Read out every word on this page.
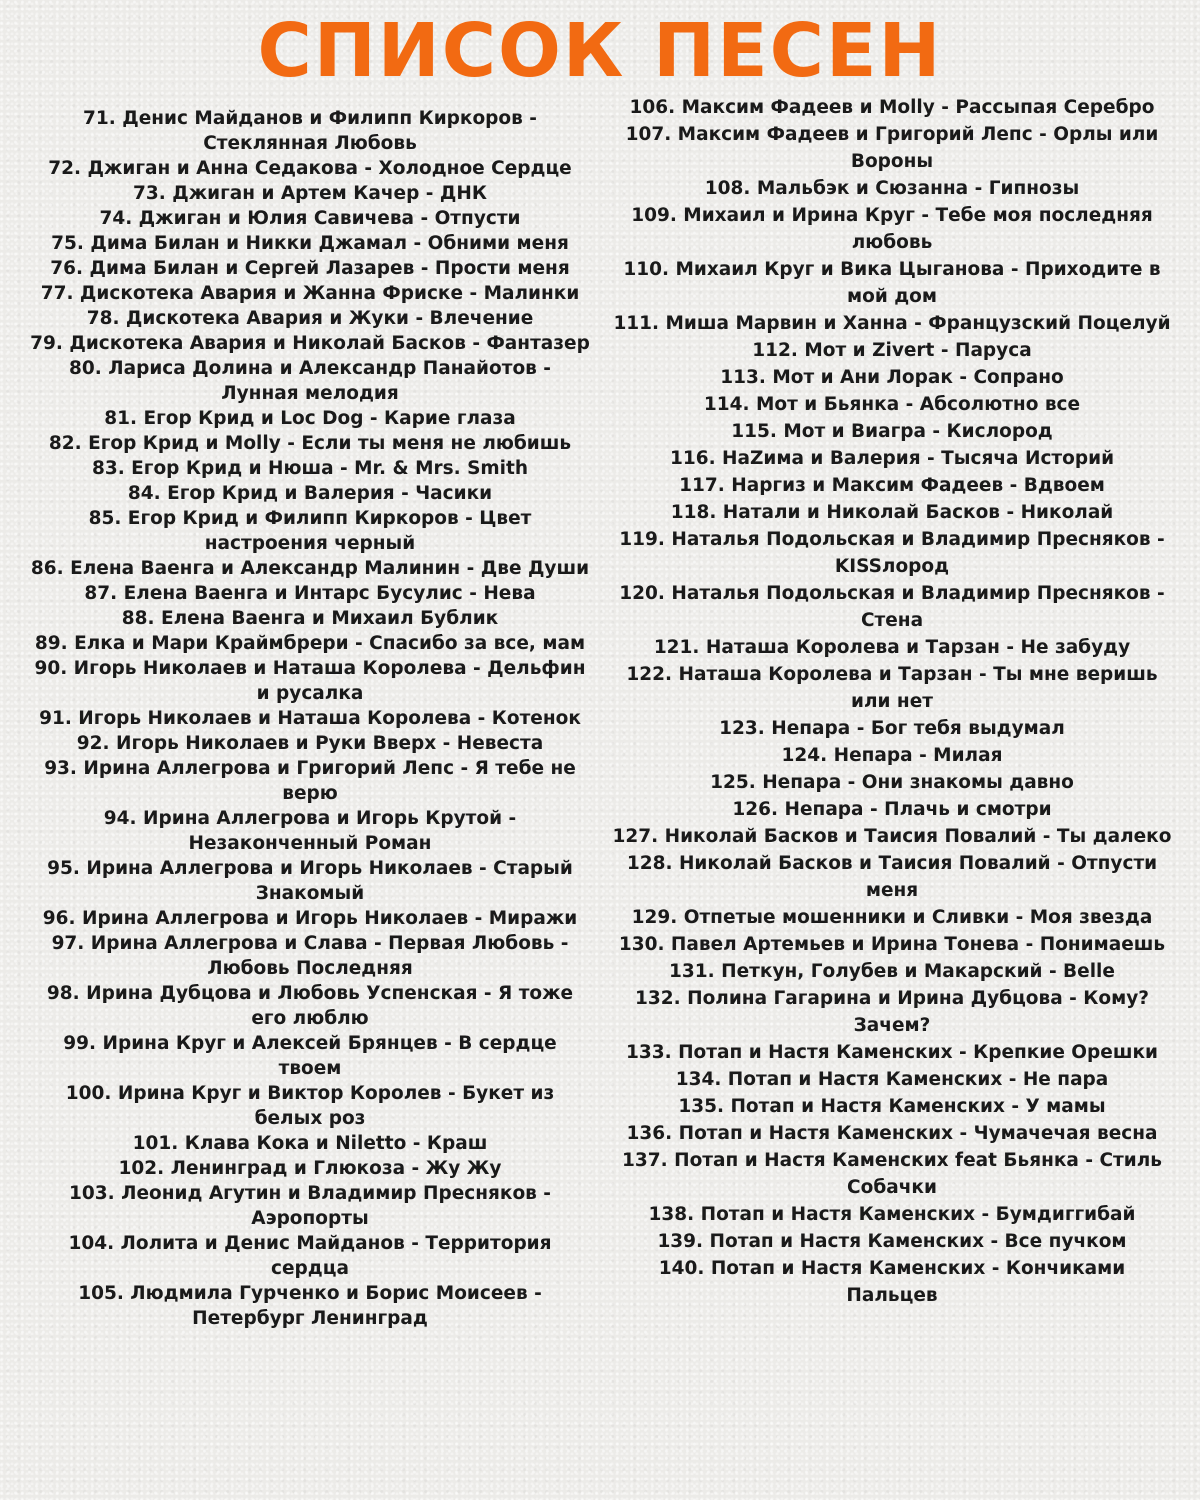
СПИСОК ПЕСЕН
71. Денис Майданов и Филипп Киркоров - Стеклянная Любовь
72. Джиган и Анна Седакова - Холодное Сердце
73. Джиган и Артем Качер - ДНК
74. Джиган и Юлия Савичева - Отпусти
75. Дима Билан и Никки Джамал - Обними меня
76. Дима Билан и Сергей Лазарев - Прости меня
77. Дискотека Авария и Жанна Фриске - Малинки
78. Дискотека Авария и Жуки - Влечение
79. Дискотека Авария и Николай Басков - Фантазер
80. Лариса Долина и Александр Панайотов - Лунная мелодия
81. Егор Крид и Loc Dog - Карие глаза
82. Егор Крид и Molly - Если ты меня не любишь
83. Егор Крид и Нюша - Mr. & Mrs. Smith
84. Егор Крид и Валерия - Часики
85. Егор Крид и Филипп Киркоров - Цвет настроения черный
86. Елена Ваенга и Александр Малинин - Две Души
87. Елена Ваенга и Интарс Бусулис - Нева
88. Елена Ваенга и Михаил Бублик
89. Елка и Мари Краймбрери - Спасибо за все, мам
90. Игорь Николаев и Наташа Королева - Дельфин и русалка
91. Игорь Николаев и Наташа Королева - Котенок
92. Игорь Николаев и Руки Вверх - Невеста
93. Ирина Аллегрова и Григорий Лепс - Я тебе не верю
94. Ирина Аллегрова и Игорь Крутой - Незаконченный Роман
95. Ирина Аллегрова и Игорь Николаев - Старый Знакомый
96. Ирина Аллегрова и Игорь Николаев - Миражи
97. Ирина Аллегрова и Слава - Первая Любовь - Любовь Последняя
98. Ирина Дубцова и Любовь Успенская - Я тоже его люблю
99. Ирина Круг и Алексей Брянцев - В сердце твоем
100. Ирина Круг и Виктор Королев - Букет из белых роз
101. Клава Кока и Niletto - Краш
102. Ленинград и Глюкоза - Жу Жу
103. Леонид Агутин и Владимир Пресняков - Аэропорты
104. Лолита и Денис Майданов - Территория сердца
105. Людмила Гурченко и Борис Моисеев - Петербург Ленинград
106. Максим Фадеев и Molly - Рассыпая Серебро
107. Максим Фадеев и Григорий Лепс - Орлы или Вороны
108. Мальбэк и Сюзанна - Гипнозы
109. Михаил и Ирина Круг - Тебе моя последняя любовь
110. Михаил Круг и Вика Цыганова - Приходите в мой дом
111. Миша Марвин и Ханна - Французский Поцелуй
112. Мот и Zivert - Паруса
113. Мот и Ани Лорак - Сопрано
114. Мот и Бьянка - Абсолютно все
115. Мот и Виагра - Кислород
116. НаZима и Валерия - Тысяча Историй
117. Наргиз и Максим Фадеев - Вдвоем
118. Натали и Николай Басков - Николай
119. Наталья Подольская и Владимир Пресняков - KISSлород
120. Наталья Подольская и Владимир Пресняков - Стена
121. Наташа Королева и Тарзан - Не забуду
122. Наташа Королева и Тарзан - Ты мне веришь или нет
123. Непара - Бог тебя выдумал
124. Непара - Милая
125. Непара - Они знакомы давно
126. Непара - Плачь и смотри
127. Николай Басков и Таисия Повалий - Ты далеко
128. Николай Басков и Таисия Повалий - Отпусти меня
129. Отпетые мошенники и Сливки - Моя звезда
130. Павел Артемьев и Ирина Тонева - Понимаешь
131. Петкун, Голубев и Макарский - Belle
132. Полина Гагарина и Ирина Дубцова - Кому? Зачем?
133. Потап и Настя Каменских - Крепкие Орешки
134. Потап и Настя Каменских - Не пара
135. Потап и Настя Каменских - У мамы
136. Потап и Настя Каменских - Чумачечая весна
137. Потап и Настя Каменских feat Бьянка - Стиль Собачки
138. Потап и Настя Каменских - Бумдиггибай
139. Потап и Настя Каменских - Все пучком
140. Потап и Настя Каменских - Кончиками Пальцев
